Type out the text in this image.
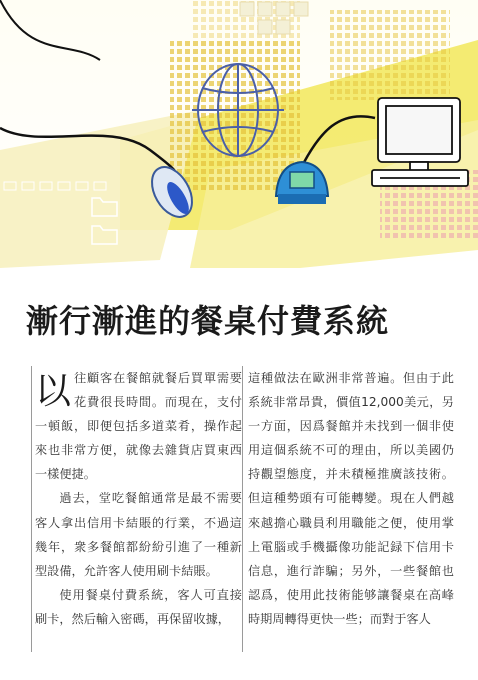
漸行漸進的餐桌付費系統

以往顧客在餐館就餐后買單需要花費很長時間。而現在，支付一頓飯，即便包括多道菜肴，操作起來也非常方便，就像去雜貨店買東西一樣便捷。

過去，堂吃餐館通常是最不需要客人拿出信用卡結賬的行業，不過這幾年，衆多餐館都紛紛引進了一種新型設備，允許客人使用刷卡結賬。

使用餐桌付費系統，客人可直接刷卡，然后輸入密碼，再保留收據，

這種做法在歐洲非常普遍。但由于此系統非常昂貴，價值12,000美元，另一方面，因爲餐館并未找到一個非使用這個系統不可的理由，所以美國仍持觀望態度，并未積極推廣該技術。但這種勢頭有可能轉變。現在人們越來越擔心職員利用職能之便，使用掌上電腦或手機攝像功能記録下信用卡信息，進行詐騙；另外，一些餐館也認爲，使用此技術能够讓餐桌在高峰時期周轉得更快一些；而對于客人
